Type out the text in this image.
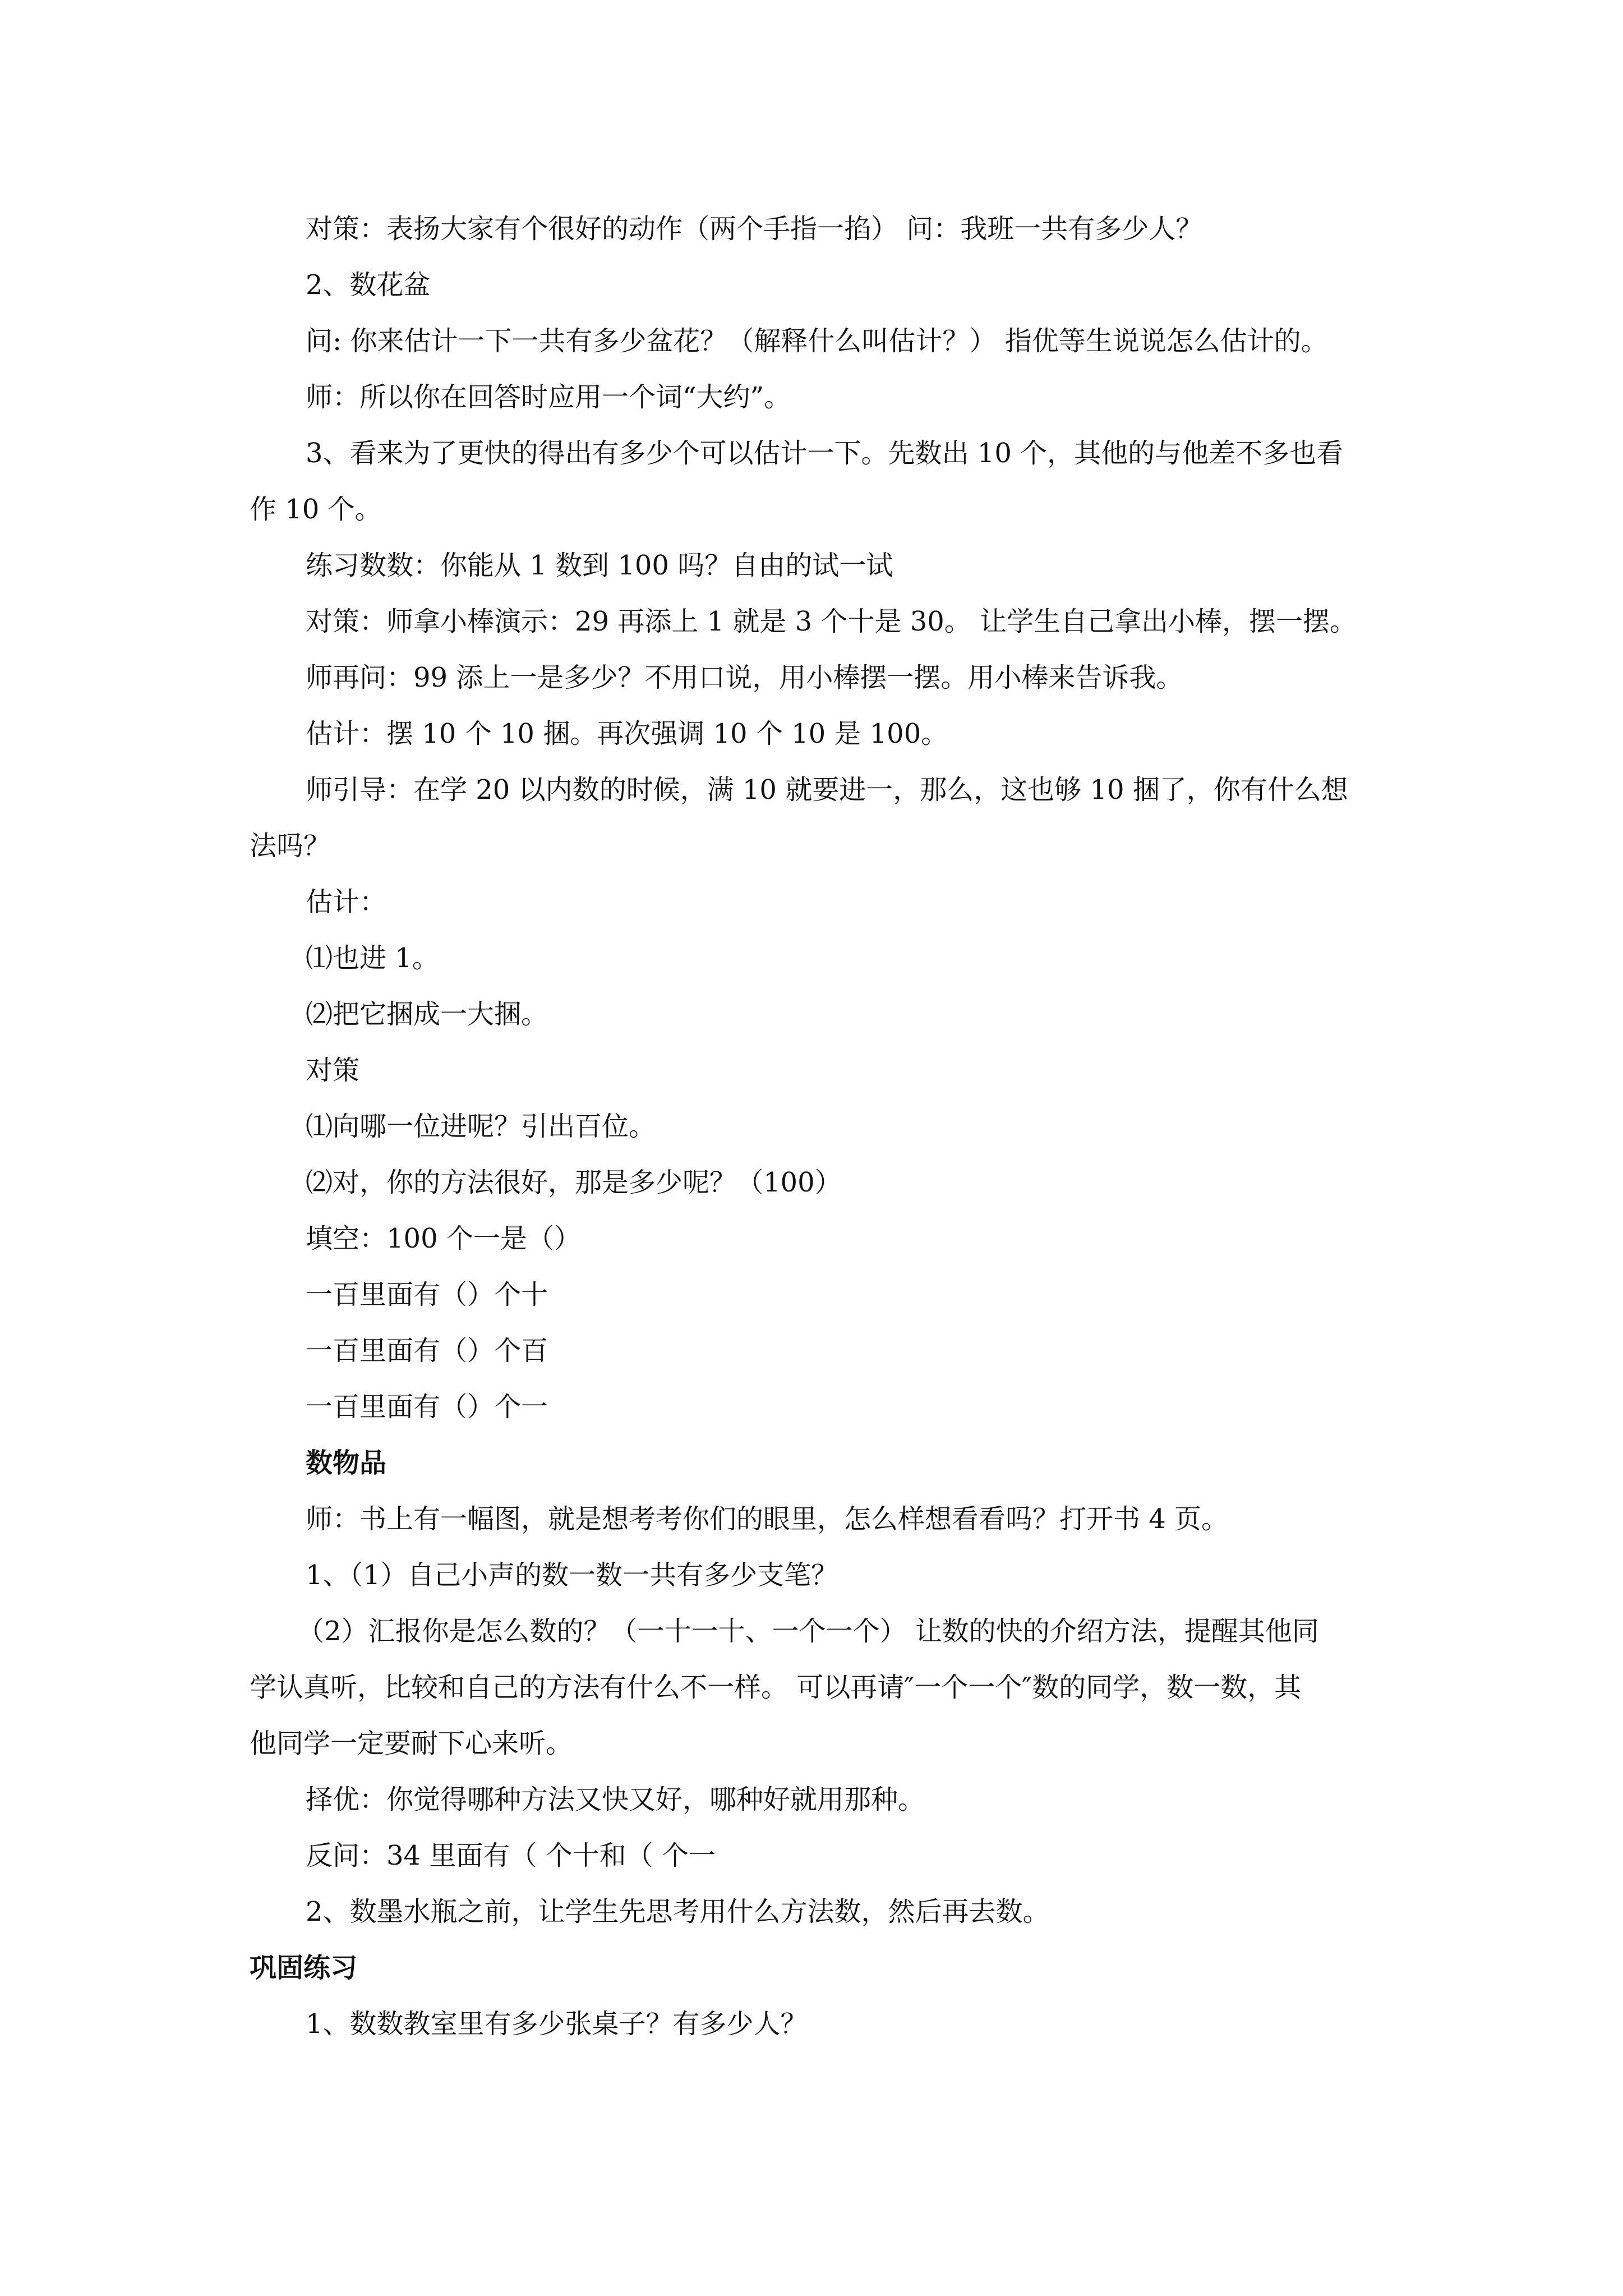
对策：表扬大家有个很好的动作（两个手指一掐） 问：我班一共有多少人？
2、数花盆
问: 你来估计一下一共有多少盆花？（解释什么叫估计？） 指优等生说说怎么估计的。
师：所以你在回答时应用一个词“大约”。
3、看来为了更快的得出有多少个可以估计一下。先数出 10 个，其他的与他差不多也看
作 10 个。
练习数数：你能从 1 数到 100 吗？自由的试一试
对策：师拿小棒演示：29 再添上 1 就是 3 个十是 30。 让学生自己拿出小棒，摆一摆。
师再问：99 添上一是多少？不用口说，用小棒摆一摆。用小棒来告诉我。
估计：摆 10 个 10 捆。再次强调 10 个 10 是 100。
师引导：在学 20 以内数的时候，满 10 就要进一，那么，这也够 10 捆了，你有什么想
法吗？
估计：
⑴也进 1。
⑵把它捆成一大捆。
对策
⑴向哪一位进呢？引出百位。
⑵对，你的方法很好，那是多少呢？（100）
填空：100 个一是（）
一百里面有（）个十
一百里面有（）个百
一百里面有（）个一
数物品
师：书上有一幅图，就是想考考你们的眼里，怎么样想看看吗？打开书 4 页。
1、（1）自己小声的数一数一共有多少支笔？
（2）汇报你是怎么数的？（一十一十、一个一个） 让数的快的介绍方法，提醒其他同
学认真听，比较和自己的方法有什么不一样。 可以再请″一个一个″数的同学，数一数，其
他同学一定要耐下心来听。
择优：你觉得哪种方法又快又好，哪种好就用那种。
反问：34 里面有（ 个十和（ 个一
2、数墨水瓶之前，让学生先思考用什么方法数，然后再去数。
巩固练习
1、数数教室里有多少张桌子？有多少人？
